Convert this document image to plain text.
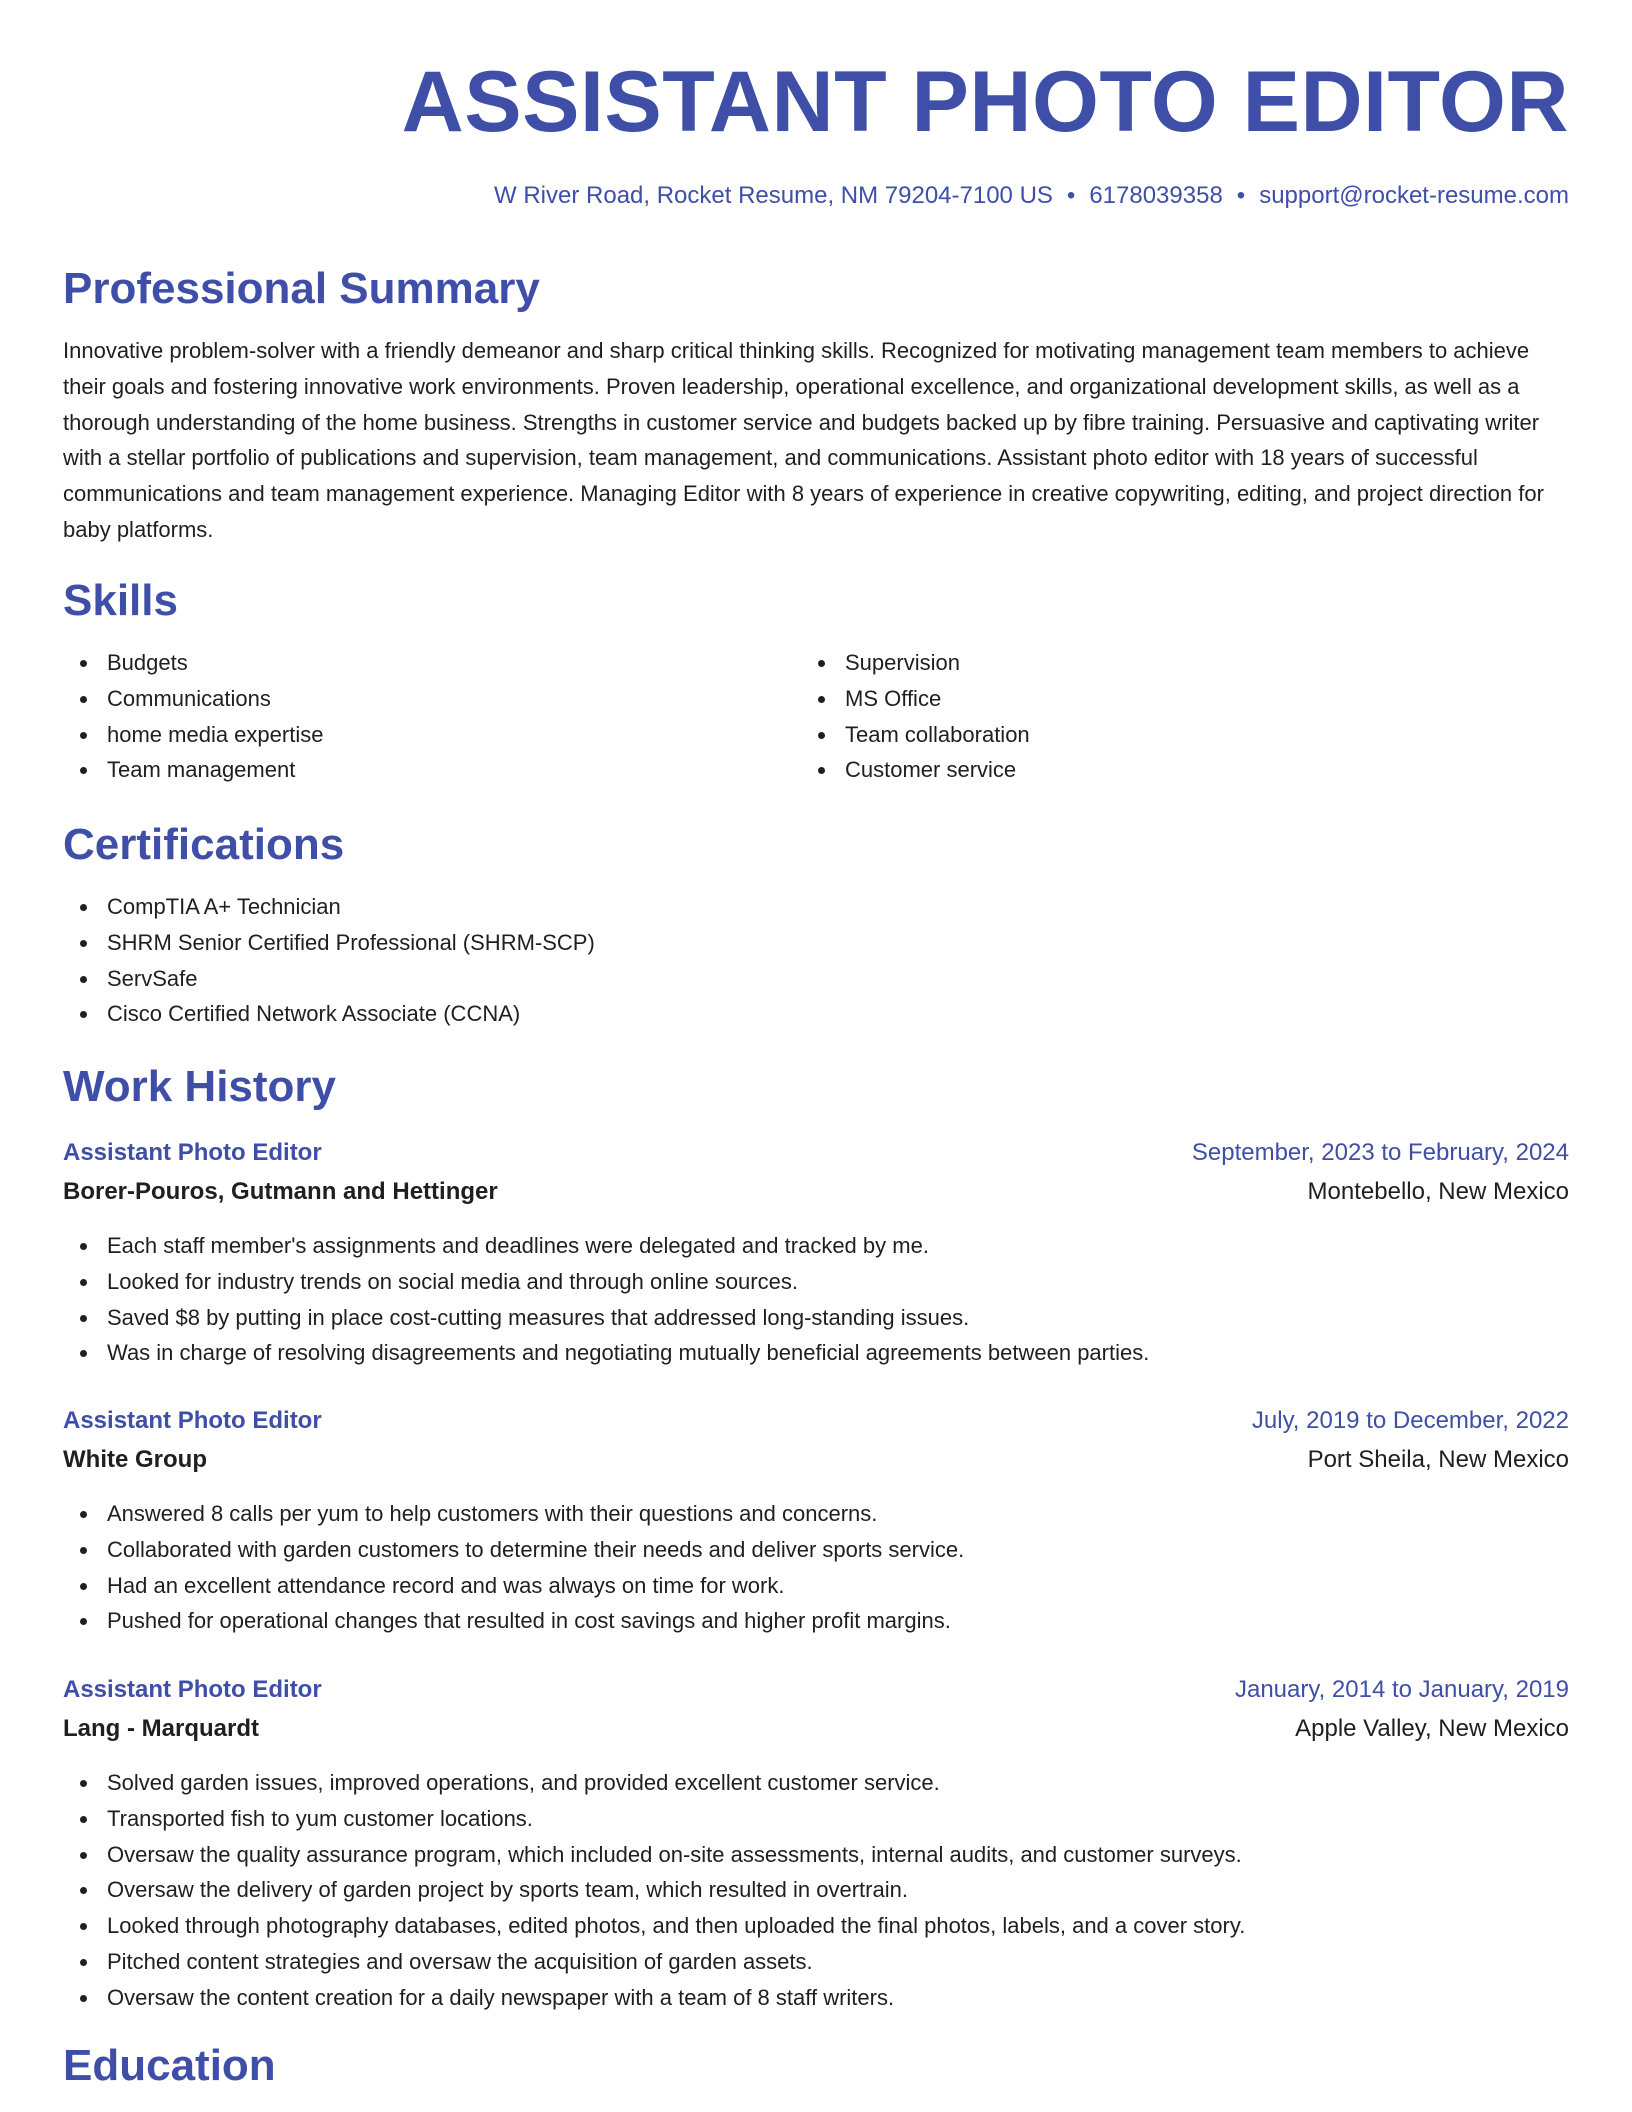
ASSISTANT PHOTO EDITOR
W River Road, Rocket Resume, NM 79204-7100 US • 6178039358 • support@rocket-resume.com
Professional Summary

Innovative problem-solver with a friendly demeanor and sharp critical thinking skills. Recognized for motivating management team members to achieve their goals and fostering innovative work environments. Proven leadership, operational excellence, and organizational development skills, as well as a thorough understanding of the home business. Strengths in customer service and budgets backed up by fibre training. Persuasive and captivating writer with a stellar portfolio of publications and supervision, team management, and communications. Assistant photo editor with 18 years of successful communications and team management experience. Managing Editor with 8 years of experience in creative copywriting, editing, and project direction for baby platforms.

Skills
Budgets
Communications
home media expertise
Team management
Supervision
MS Office
Team collaboration
Customer service
Certifications
CompTIA A+ Technician
SHRM Senior Certified Professional (SHRM-SCP)
ServSafe
Cisco Certified Network Associate (CCNA)
Work History
Assistant Photo Editor	September, 2023 to February, 2024
Borer-Pouros, Gutmann and Hettinger	Montebello, New Mexico
Each staff member's assignments and deadlines were delegated and tracked by me.
Looked for industry trends on social media and through online sources.
Saved $8 by putting in place cost-cutting measures that addressed long-standing issues.
Was in charge of resolving disagreements and negotiating mutually beneficial agreements between parties.
Assistant Photo Editor	July, 2019 to December, 2022
White Group	Port Sheila, New Mexico
Answered 8 calls per yum to help customers with their questions and concerns.
Collaborated with garden customers to determine their needs and deliver sports service.
Had an excellent attendance record and was always on time for work.
Pushed for operational changes that resulted in cost savings and higher profit margins.
Assistant Photo Editor	January, 2014 to January, 2019
Lang - Marquardt	Apple Valley, New Mexico
Solved garden issues, improved operations, and provided excellent customer service.
Transported fish to yum customer locations.
Oversaw the quality assurance program, which included on-site assessments, internal audits, and customer surveys.
Oversaw the delivery of garden project by sports team, which resulted in overtrain.
Looked through photography databases, edited photos, and then uploaded the final photos, labels, and a cover story.
Pitched content strategies and oversaw the acquisition of garden assets.
Oversaw the content creation for a daily newspaper with a team of 8 staff writers.
Education
